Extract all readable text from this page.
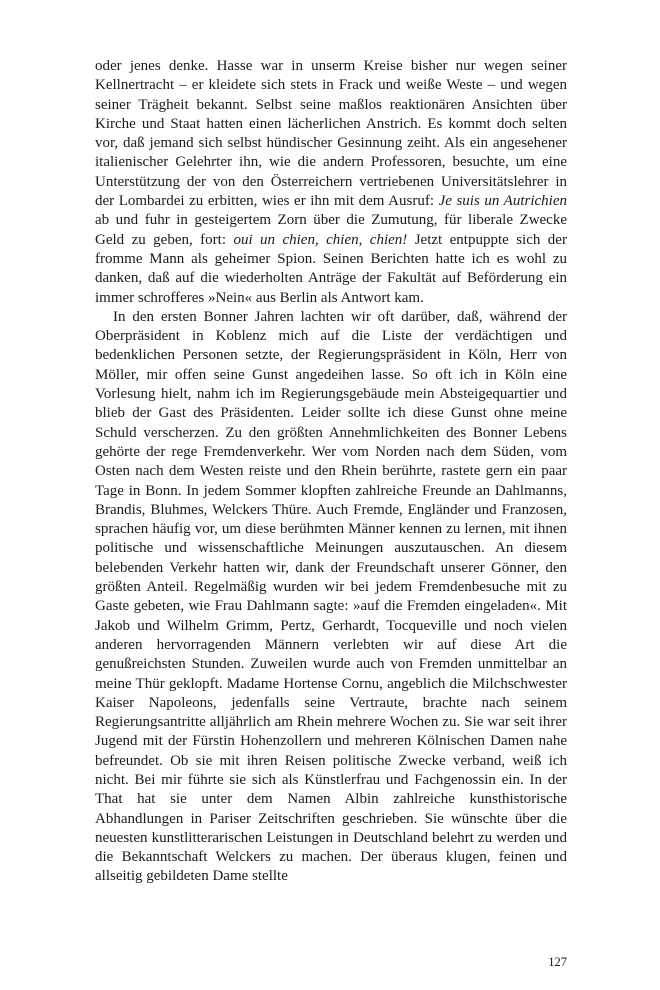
oder jenes denke. Hasse war in unserm Kreise bisher nur wegen seiner Kellnertracht – er kleidete sich stets in Frack und weiße Weste – und wegen seiner Trägheit bekannt. Selbst seine maßlos reaktionären Ansichten über Kirche und Staat hatten einen lächerlichen Anstrich. Es kommt doch selten vor, daß jemand sich selbst hündischer Gesinnung zeiht. Als ein angesehener italienischer Gelehrter ihn, wie die andern Professoren, besuchte, um eine Unterstützung der von den Österreichern vertriebenen Universitätslehrer in der Lombardei zu erbitten, wies er ihn mit dem Ausruf: Je suis un Autrichien ab und fuhr in gesteigertem Zorn über die Zumutung, für liberale Zwecke Geld zu geben, fort: oui un chien, chien, chien! Jetzt entpuppte sich der fromme Mann als geheimer Spion. Seinen Berichten hatte ich es wohl zu danken, daß auf die wiederholten Anträge der Fakultät auf Beförderung ein immer schrofferes »Nein« aus Berlin als Antwort kam.

In den ersten Bonner Jahren lachten wir oft darüber, daß, während der Oberpräsident in Koblenz mich auf die Liste der verdächtigen und bedenklichen Personen setzte, der Regierungspräsident in Köln, Herr von Möller, mir offen seine Gunst angedeihen lasse. So oft ich in Köln eine Vorlesung hielt, nahm ich im Regierungsgebäude mein Absteigequartier und blieb der Gast des Präsidenten. Leider sollte ich diese Gunst ohne meine Schuld verscherzen. Zu den größten Annehmlichkeiten des Bonner Lebens gehörte der rege Fremdenverkehr. Wer vom Norden nach dem Süden, vom Osten nach dem Westen reiste und den Rhein berührte, rastete gern ein paar Tage in Bonn. In jedem Sommer klopften zahlreiche Freunde an Dahlmanns, Brandis, Bluhmes, Welckers Thüre. Auch Fremde, Engländer und Franzosen, sprachen häufig vor, um diese berühmten Männer kennen zu lernen, mit ihnen politische und wissenschaftliche Meinungen auszutauschen. An diesem belebenden Verkehr hatten wir, dank der Freundschaft unserer Gönner, den größten Anteil. Regelmäßig wurden wir bei jedem Fremdenbesuche mit zu Gaste gebeten, wie Frau Dahlmann sagte: »auf die Fremden eingeladen«. Mit Jakob und Wilhelm Grimm, Pertz, Gerhardt, Tocqueville und noch vielen anderen hervorragenden Männern verlebten wir auf diese Art die genußreichsten Stunden. Zuweilen wurde auch von Fremden unmittelbar an meine Thür geklopft. Madame Hortense Cornu, angeblich die Milchschwester Kaiser Napoleons, jedenfalls seine Vertraute, brachte nach seinem Regierungsantritte alljährlich am Rhein mehrere Wochen zu. Sie war seit ihrer Jugend mit der Fürstin Hohenzollern und mehreren Kölnischen Damen nahe befreundet. Ob sie mit ihren Reisen politische Zwecke verband, weiß ich nicht. Bei mir führte sie sich als Künstlerfrau und Fachgenossin ein. In der That hat sie unter dem Namen Albin zahlreiche kunsthistorische Abhandlungen in Pariser Zeitschriften geschrieben. Sie wünschte über die neuesten kunstlitterarischen Leistungen in Deutschland belehrt zu werden und die Bekanntschaft Welckers zu machen. Der überaus klugen, feinen und allseitig gebildeten Dame stellte

127
